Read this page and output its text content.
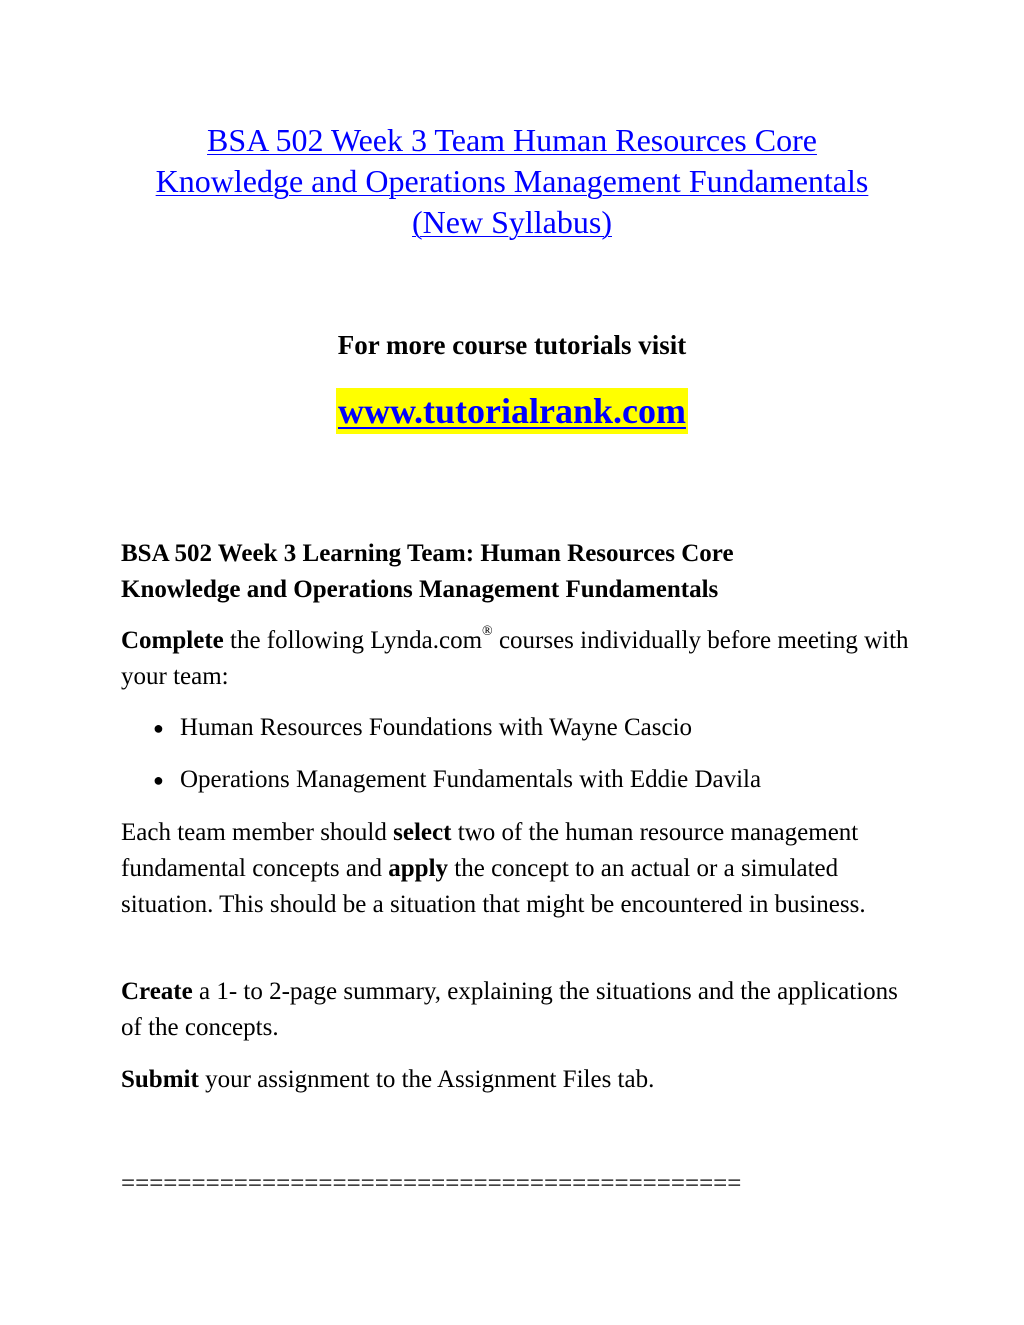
BSA 502 Week 3 Team Human Resources Core
Knowledge and Operations Management Fundamentals
(New Syllabus)
For more course tutorials visit
www.tutorialrank.com
BSA 502 Week 3 Learning Team: Human Resources Core
Knowledge and Operations Management Fundamentals
Complete the following Lynda.com® courses individually before meeting with your team:
● Human Resources Foundations with Wayne Cascio
● Operations Management Fundamentals with Eddie Davila
Each team member should select two of the human resource management fundamental concepts and apply the concept to an actual or a simulated situation. This should be a situation that might be encountered in business.
Create a 1- to 2-page summary, explaining the situations and the applications of the concepts.
Submit your assignment to the Assignment Files tab.
============================================
